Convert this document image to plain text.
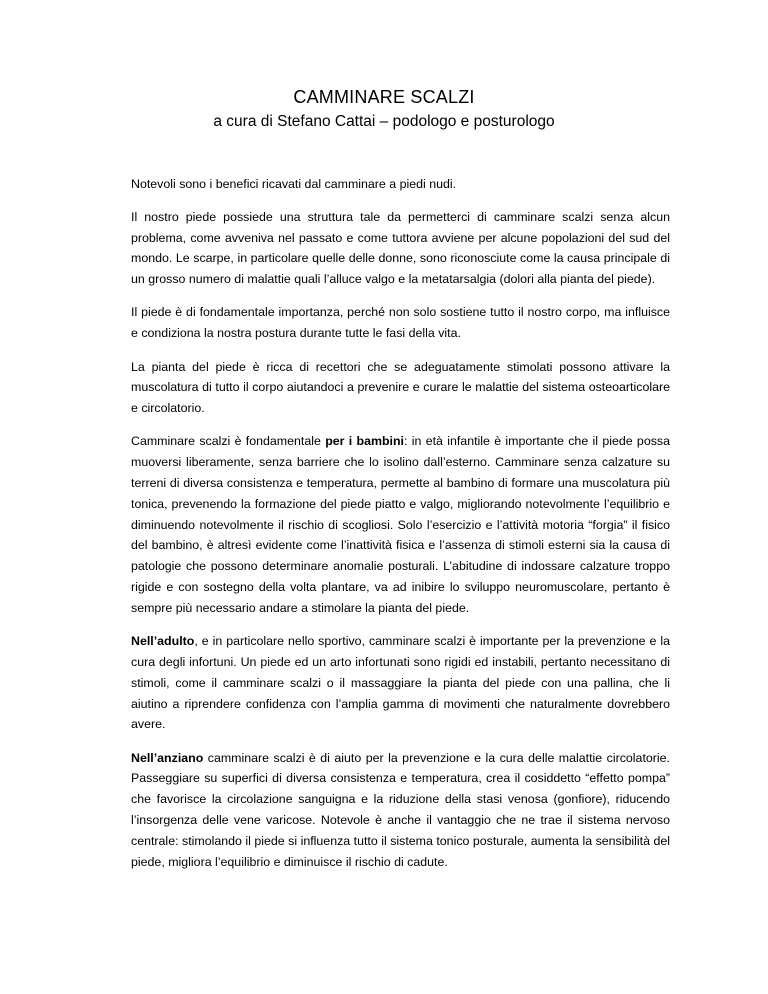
CAMMINARE SCALZI
a cura di Stefano Cattai – podologo e posturologo

Notevoli sono i benefici ricavati dal camminare a piedi nudi.

Il nostro piede possiede una struttura tale da permetterci di camminare scalzi senza alcun problema, come avveniva nel passato e come tuttora avviene per alcune popolazioni del sud del mondo. Le scarpe, in particolare quelle delle donne, sono riconosciute come la causa principale di un grosso numero di malattie quali l’alluce valgo e la metatarsalgia (dolori alla pianta del piede).

Il piede è di fondamentale importanza, perché non solo sostiene tutto il nostro corpo, ma influisce e condiziona la nostra postura durante tutte le fasi della vita.

La pianta del piede è ricca di recettori che se adeguatamente stimolati possono attivare la muscolatura di tutto il corpo aiutandoci a prevenire e curare le malattie del sistema osteoarticolare e circolatorio.

Camminare scalzi è fondamentale per i bambini: in età infantile è importante che il piede possa muoversi liberamente, senza barriere che lo isolino dall’esterno. Camminare senza calzature su terreni di diversa consistenza e temperatura, permette al bambino di formare una muscolatura più tonica, prevenendo la formazione del piede piatto e valgo, migliorando notevolmente l’equilibrio e diminuendo notevolmente il rischio di scogliosi. Solo l’esercizio e l’attività motoria “forgia” il fisico del bambino, è altresì evidente come l’inattività fisica e l’assenza di stimoli esterni sia la causa di patologie che possono determinare anomalie posturali. L’abitudine di indossare calzature troppo rigide e con sostegno della volta plantare, va ad inibire lo sviluppo neuromuscolare, pertanto è sempre più necessario andare a stimolare la pianta del piede.

Nell’adulto, e in particolare nello sportivo, camminare scalzi è importante per la prevenzione e la cura degli infortuni. Un piede ed un arto infortunati sono rigidi ed instabili, pertanto necessitano di stimoli, come il camminare scalzi o il massaggiare la pianta del piede con una pallina, che li aiutino a riprendere confidenza con l’amplia gamma di movimenti che naturalmente dovrebbero avere.

Nell’anziano camminare scalzi è di aiuto per la prevenzione e la cura delle malattie circolatorie. Passeggiare su superfici di diversa consistenza e temperatura, crea il cosiddetto “effetto pompa” che favorisce la circolazione sanguigna e la riduzione della stasi venosa (gonfiore), riducendo l’insorgenza delle vene varicose. Notevole è anche il vantaggio che ne trae il sistema nervoso centrale: stimolando il piede si influenza tutto il sistema tonico posturale, aumenta la sensibilità del piede, migliora l’equilibrio e diminuisce il rischio di cadute.
